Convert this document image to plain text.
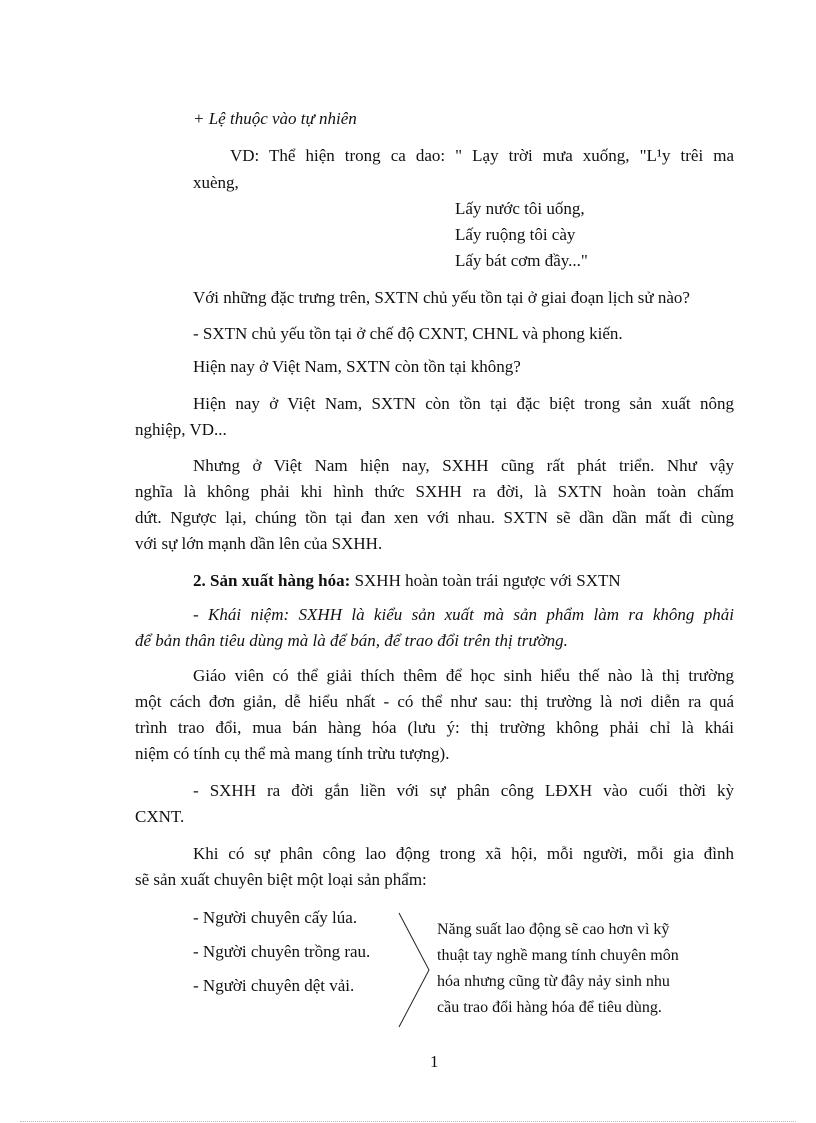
+ Lệ thuộc vào tự nhiên
VD: Thể hiện trong ca dao: " Lạy trời mưa xuống, "L¹y trêi ma
xuèng,
Lấy nước tôi uống,
Lấy ruộng tôi cày
Lấy bát cơm đầy..."
Với những đặc trưng trên, SXTN chủ yếu tồn tại ở giai đoạn lịch sử nào?
- SXTN chủ yếu tồn tại ở chế độ CXNT, CHNL và phong kiến.
Hiện nay ở Việt Nam, SXTN còn tồn tại không?
Hiện nay ở Việt Nam, SXTN còn tồn tại đặc biệt trong sản xuất nông
nghiệp, VD...
Nhưng ở Việt Nam hiện nay, SXHH cũng rất phát triển. Như vậy
nghĩa là không phải khi hình thức SXHH ra đời, là SXTN hoàn toàn chấm
dứt. Ngược lại, chúng tồn tại đan xen với nhau. SXTN sẽ dần dần mất đi cùng
với sự lớn mạnh dần lên của SXHH.
2. Sản xuất hàng hóa: SXHH hoàn toàn trái ngược với SXTN
- Khái niệm: SXHH là kiểu sản xuất mà sản phẩm làm ra không phải
để bản thân tiêu dùng mà là để bán, để trao đổi trên thị trường.
Giáo viên có thể giải thích thêm để học sinh hiểu thế nào là thị trường
một cách đơn giản, dễ hiểu nhất - có thể như sau: thị trường là nơi diễn ra quá
trình trao đổi, mua bán hàng hóa (lưu ý: thị trường không phải chỉ là khái
niệm có tính cụ thể mà mang tính trừu tượng).
- SXHH ra đời gắn liền với sự phân công LĐXH vào cuối thời kỳ
CXNT.
Khi có sự phân công lao động trong xã hội, mỗi người, mỗi gia đình
sẽ sản xuất chuyên biệt một loại sản phẩm:
- Người chuyên cấy lúa.
- Người chuyên trồng rau.
- Người chuyên dệt vải.
Năng suất lao động sẽ cao hơn vì kỹ
thuật tay nghề mang tính chuyên môn
hóa nhưng cũng từ đây nảy sinh nhu
cầu trao đổi hàng hóa để tiêu dùng.
1
